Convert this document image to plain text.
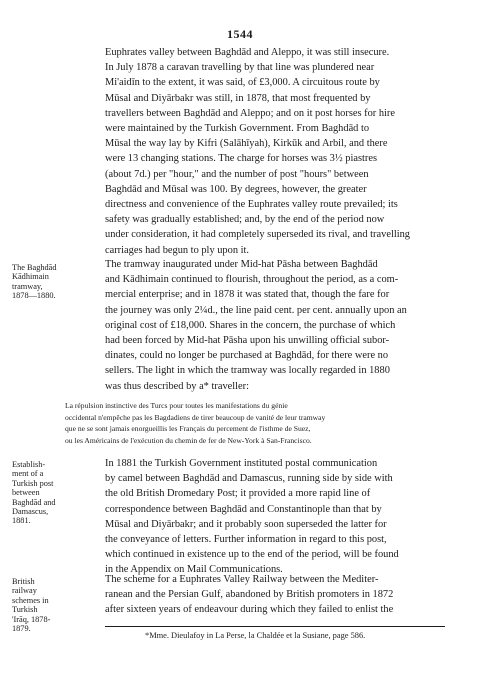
1544

Euphrates valley between Baghdād and Aleppo, it was still insecure.
In July 1878 a caravan travelling by that line was plundered near
Mi'aidīn to the extent, it was said, of £3,000. A circuitous route by
Mūsal and Diyārbakr was still, in 1878, that most frequented by
travellers between Baghdād and Aleppo; and on it post horses for hire
were maintained by the Turkish Government. From Baghdād to
Mūsal the way lay by Kifri (Salāhīyah), Kirkūk and Arbil, and there
were 13 changing stations. The charge for horses was 3½ piastres
(about 7d.) per "hour," and the number of post "hours" between
Baghdād and Mūsal was 100. By degrees, however, the greater
directness and convenience of the Euphrates valley route prevailed; its
safety was gradually established; and, by the end of the period now
under consideration, it had completely superseded its rival, and travelling
carriages had begun to ply upon it.

The Baghdād
Kādhimain
tramway,
1878—1880.

The tramway inaugurated under Mid-hat Pāsha between Baghdād
and Kādhimain continued to flourish, throughout the period, as a com-
mercial enterprise; and in 1878 it was stated that, though the fare for
the journey was only 2¼d., the line paid cent. per cent. annually upon an
original cost of £18,000. Shares in the concern, the purchase of which
had been forced by Mid-hat Pāsha upon his unwilling official subor-
dinates, could no longer be purchased at Baghdād, for there were no
sellers. The light in which the tramway was locally regarded in 1880
was thus described by a* traveller:

La répulsion instinctive des Turcs pour toutes les manifestations du génie
occidental n'empêche pas les Bagdadiens de tirer beaucoup de vanité de leur tramway
que ne se sont jamais enorgueillis les Français du percement de l'isthme de Suez,
ou les Américains de l'exécution du chemin de fer de New-York à San-Francisco.
Establish-
ment of a
Turkish post
between
Baghdād and
Damascus,
1881.

In 1881 the Turkish Government instituted postal communication
by camel between Baghdād and Damascus, running side by side with
the old British Dromedary Post; it provided a more rapid line of
correspondence between Baghdād and Constantinople than that by
Mūsal and Diyārbakr; and it probably soon superseded the latter for
the conveyance of letters. Further information in regard to this post,
which continued in existence up to the end of the period, will be found
in the Appendix on Mail Communications.

British
railway
schemes in
Turkish
'Irāq, 1878-
1879.

The scheme for a Euphrates Valley Railway between the Mediter-
ranean and the Persian Gulf, abandoned by British promoters in 1872
after sixteen years of endeavour during which they failed to enlist the

*Mme. Dieulafoy in La Perse, la Chaldée et la Susiane, page 586.
